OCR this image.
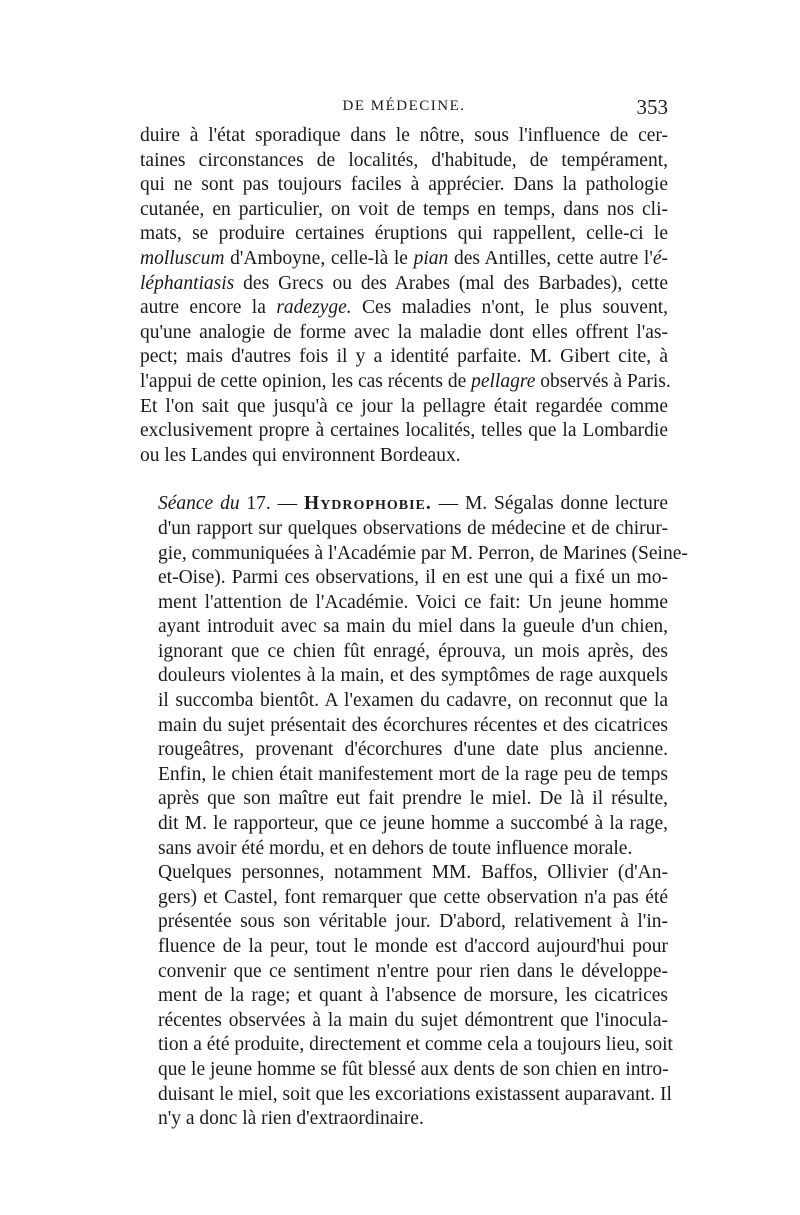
DE MÉDECINE.	353

duire à l'état sporadique dans le nôtre, sous l'influence de cer-
taines circonstances de localités, d'habitude, de tempérament,
qui ne sont pas toujours faciles à apprécier. Dans la pathologie
cutanée, en particulier, on voit de temps en temps, dans nos cli-
mats, se produire certaines éruptions qui rappellent, celle-ci le
molluscum d'Amboyne, celle-là le pian des Antilles, cette autre l'é-
léphantiasis des Grecs ou des Arabes (mal des Barbades), cette
autre encore la radezyge. Ces maladies n'ont, le plus souvent,
qu'une analogie de forme avec la maladie dont elles offrent l'as-
pect; mais d'autres fois il y a identité parfaite. M. Gibert cite, à
l'appui de cette opinion, les cas récents de pellagre observés à Paris.
Et l'on sait que jusqu'à ce jour la pellagre était regardée comme
exclusivement propre à certaines localités, telles que la Lombardie
ou les Landes qui environnent Bordeaux.

Séance du 17. — Hydrophobie. — M. Ségalas donne lecture
d'un rapport sur quelques observations de médecine et de chirur-
gie, communiquées à l'Académie par M. Perron, de Marines (Seine-
et-Oise). Parmi ces observations, il en est une qui a fixé un mo-
ment l'attention de l'Académie. Voici ce fait: Un jeune homme
ayant introduit avec sa main du miel dans la gueule d'un chien,
ignorant que ce chien fût enragé, éprouva, un mois après, des
douleurs violentes à la main, et des symptômes de rage auxquels
il succomba bientôt. A l'examen du cadavre, on reconnut que la
main du sujet présentait des écorchures récentes et des cicatrices
rougeâtres, provenant d'écorchures d'une date plus ancienne.
Enfin, le chien était manifestement mort de la rage peu de temps
après que son maître eut fait prendre le miel. De là il résulte,
dit M. le rapporteur, que ce jeune homme a succombé à la rage,
sans avoir été mordu, et en dehors de toute influence morale.

Quelques personnes, notamment MM. Baffos, Ollivier (d'An-
gers) et Castel, font remarquer que cette observation n'a pas été
présentée sous son véritable jour. D'abord, relativement à l'in-
fluence de la peur, tout le monde est d'accord aujourd'hui pour
convenir que ce sentiment n'entre pour rien dans le développe-
ment de la rage; et quant à l'absence de morsure, les cicatrices
récentes observées à la main du sujet démontrent que l'inocula-
tion a été produite, directement et comme cela a toujours lieu, soit
que le jeune homme se fût blessé aux dents de son chien en intro-
duisant le miel, soit que les excoriations existassent auparavant. Il
n'y a donc là rien d'extraordinaire.
